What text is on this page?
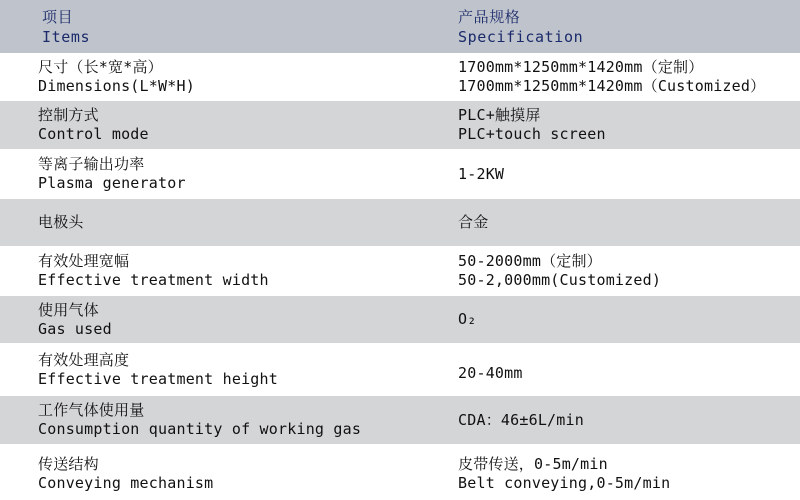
项目
Items
产品规格
Specification
尺寸（长*宽*高）
Dimensions(L*W*H)
1700mm*1250mm*1420mm（定制）
1700mm*1250mm*1420mm（Customized）
控制方式
Control mode
PLC+触摸屏
PLC+touch screen
等离子输出功率
Plasma generator
1-2KW
电极头	合金
有效处理宽幅
Effective treatment width
50-2000mm（定制）
50-2,000mm(Customized)
使用气体
Gas used
O₂
有效处理高度
Effective treatment height	20-40mm
工作气体使用量
Consumption quantity of working gas
CDA：46±6L/min
传送结构
Conveying mechanism
皮带传送，0-5m/min
Belt conveying,0-5m/min
